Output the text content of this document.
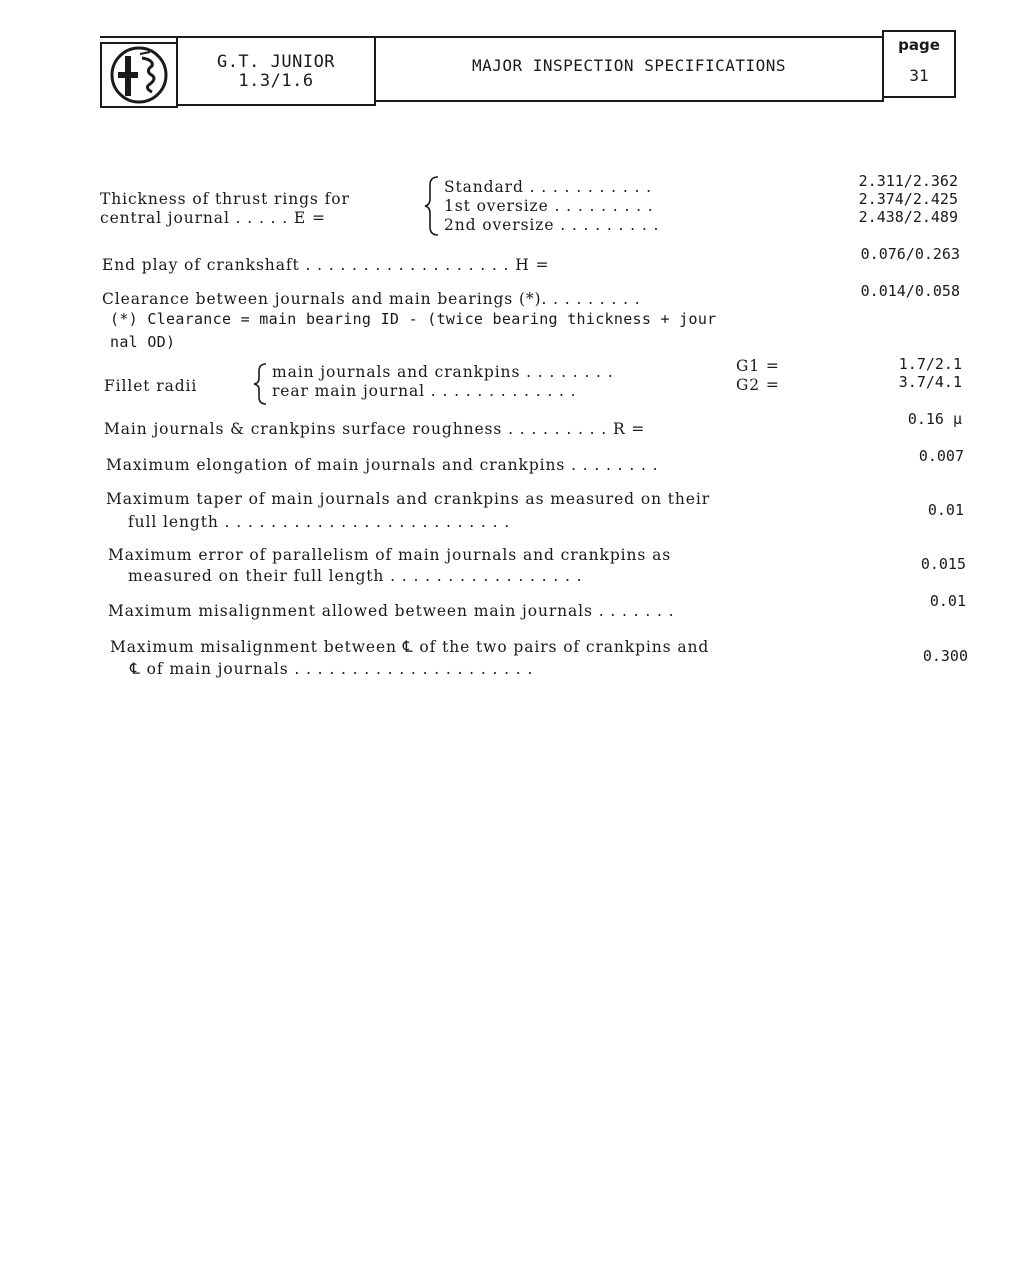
G.T. JUNIOR
1.3/1.6
MAJOR INSPECTION SPECIFICATIONS
page
31
Thickness of thrust rings for
central journal . . . . . E =
Standard . . . . . . . . . . .
1st oversize . . . . . . . . .
2nd oversize . . . . . . . . .
2.311/2.362
2.374/2.425
2.438/2.489
End play of crankshaft . . . . . . . . . . . . . . . . . . H =
0.076/0.263
Clearance between journals and main bearings (*). . . . . . . . .	0.014/0.058
(*) Clearance = main bearing ID - (twice bearing thickness + jour
nal OD)
Fillet radii
main journals and crankpins . . . . . . . .
rear main journal . . . . . . . . . . . . .
G1 =
G2 =
1.7/2.1
3.7/4.1
Main journals & crankpins surface roughness . . . . . . . . . R =
0.16 µ
Maximum elongation of main journals and crankpins . . . . . . . .	0.007
Maximum taper of main journals and crankpins as measured on their
full length . . . . . . . . . . . . . . . . . . . . . . . . .
0.01
Maximum error of parallelism of main journals and crankpins as
measured on their full length . . . . . . . . . . . . . . . . .
0.015
Maximum misalignment allowed between main journals . . . . . . .
0.01
Maximum misalignment between ℄ of the two pairs of crankpins and
℄ of main journals . . . . . . . . . . . . . . . . . . . . .
0.300
